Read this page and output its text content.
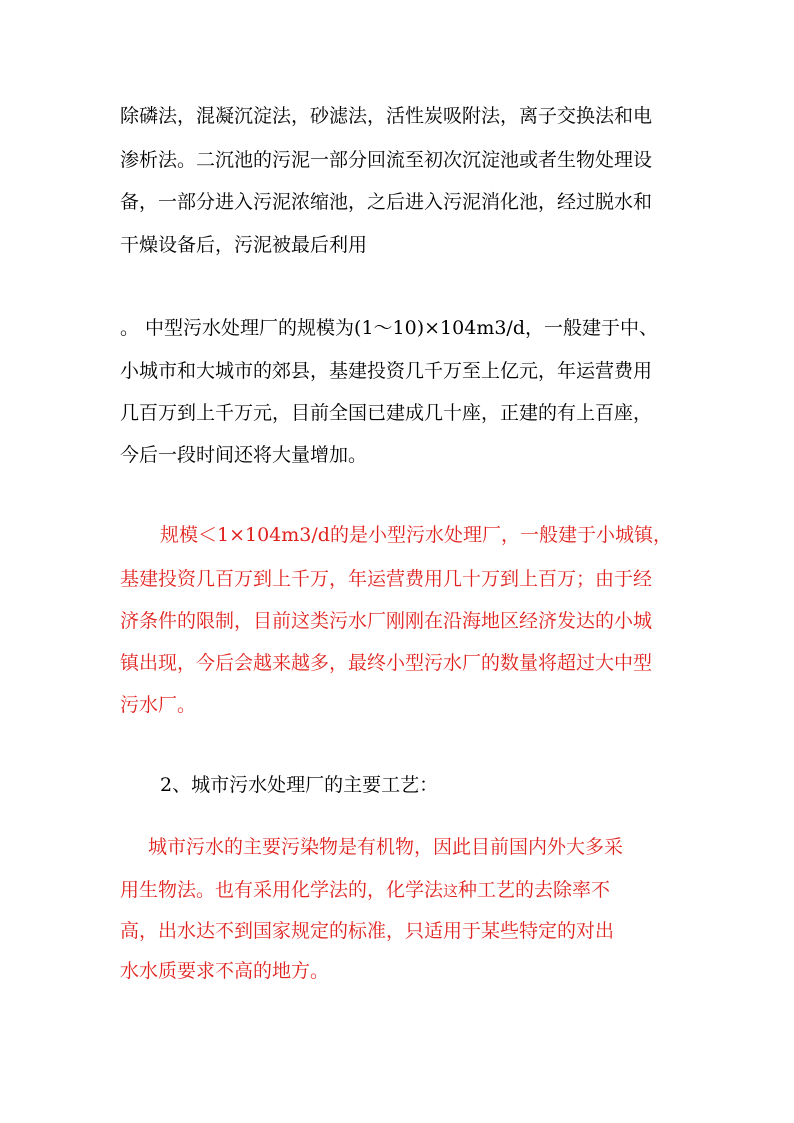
除磷法，混凝沉淀法，砂滤法，活性炭吸附法，离子交换法和电

渗析法。二沉池的污泥一部分回流至初次沉淀池或者生物处理设

备，一部分进入污泥浓缩池，之后进入污泥消化池，经过脱水和

干燥设备后，污泥被最后利用

。 中型污水处理厂的规模为(1～10)×104m3/d，一般建于中、

小城市和大城市的郊县，基建投资几千万至上亿元，年运营费用

几百万到上千万元，目前全国已建成几十座，正建的有上百座，

今后一段时间还将大量增加。

规模＜1×104m3/d的是小型污水处理厂，一般建于小城镇，

基建投资几百万到上千万，年运营费用几十万到上百万；由于经

济条件的限制，目前这类污水厂刚刚在沿海地区经济发达的小城

镇出现，今后会越来越多，最终小型污水厂的数量将超过大中型

污水厂。

2、城市污水处理厂的主要工艺：

城市污水的主要污染物是有机物，因此目前国内外大多采

用生物法。也有采用化学法的，化学法这种工艺的去除率不

高，出水达不到国家规定的标准，只适用于某些特定的对出

水水质要求不高的地方。
